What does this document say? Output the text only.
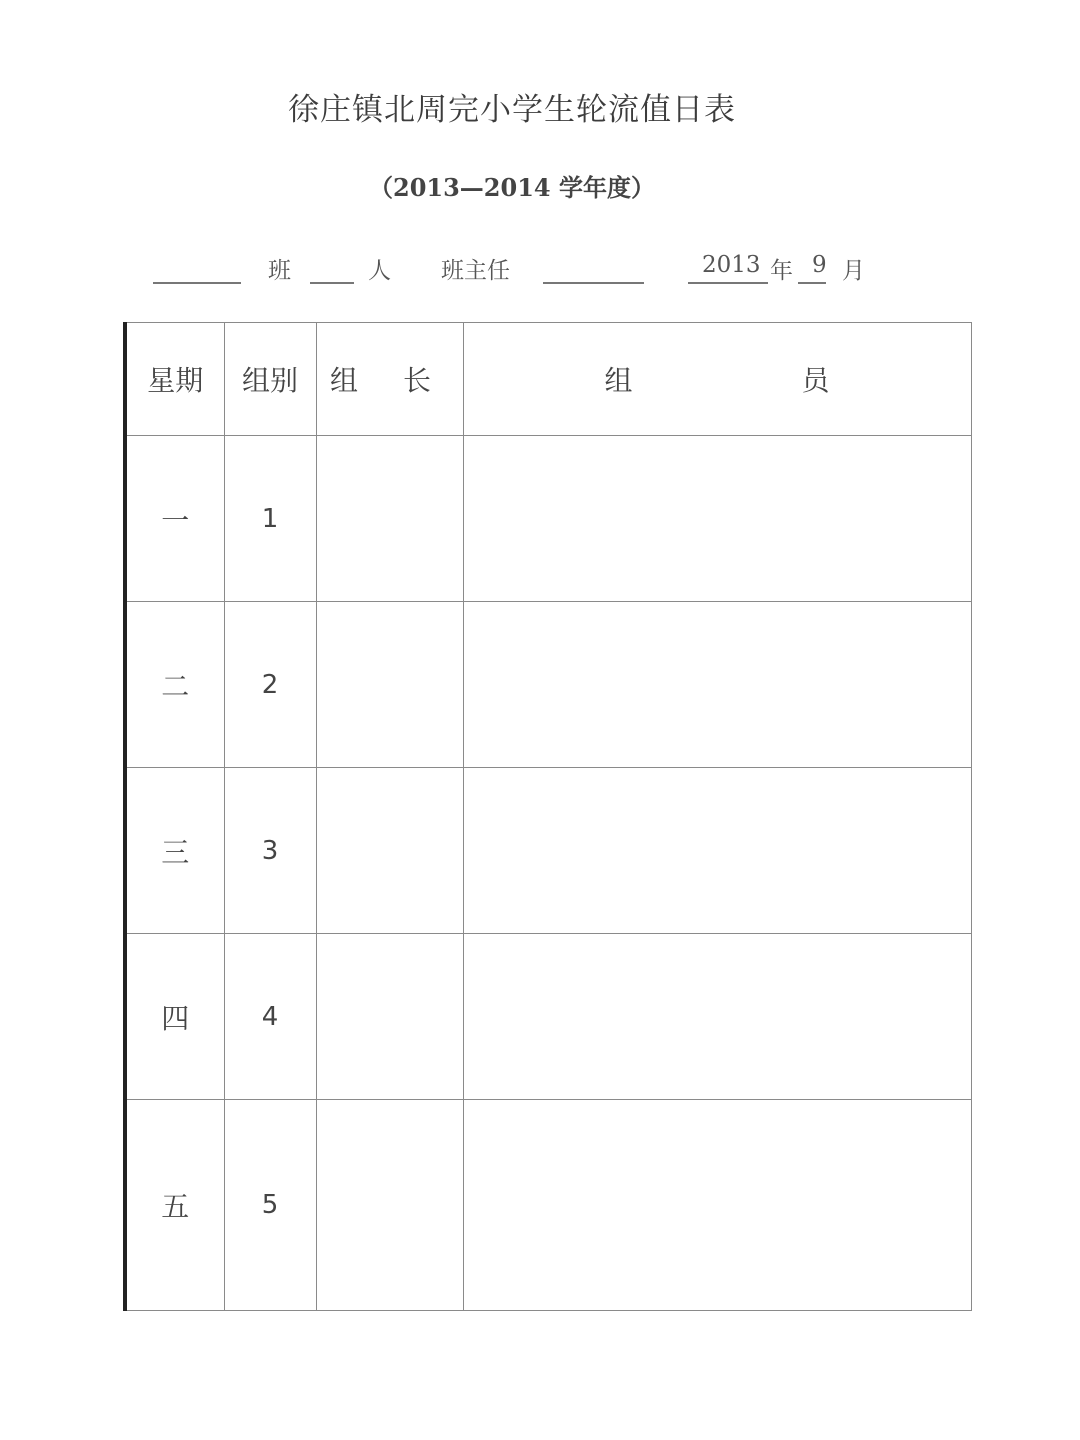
徐庄镇北周完小学生轮流值日表
（2013—2014 学年度）
班	人 班主任	2013 年 9 月
星期	组别	组 长	组 员
一	1		
二	2		
三	3		
四	4		
五	5		
